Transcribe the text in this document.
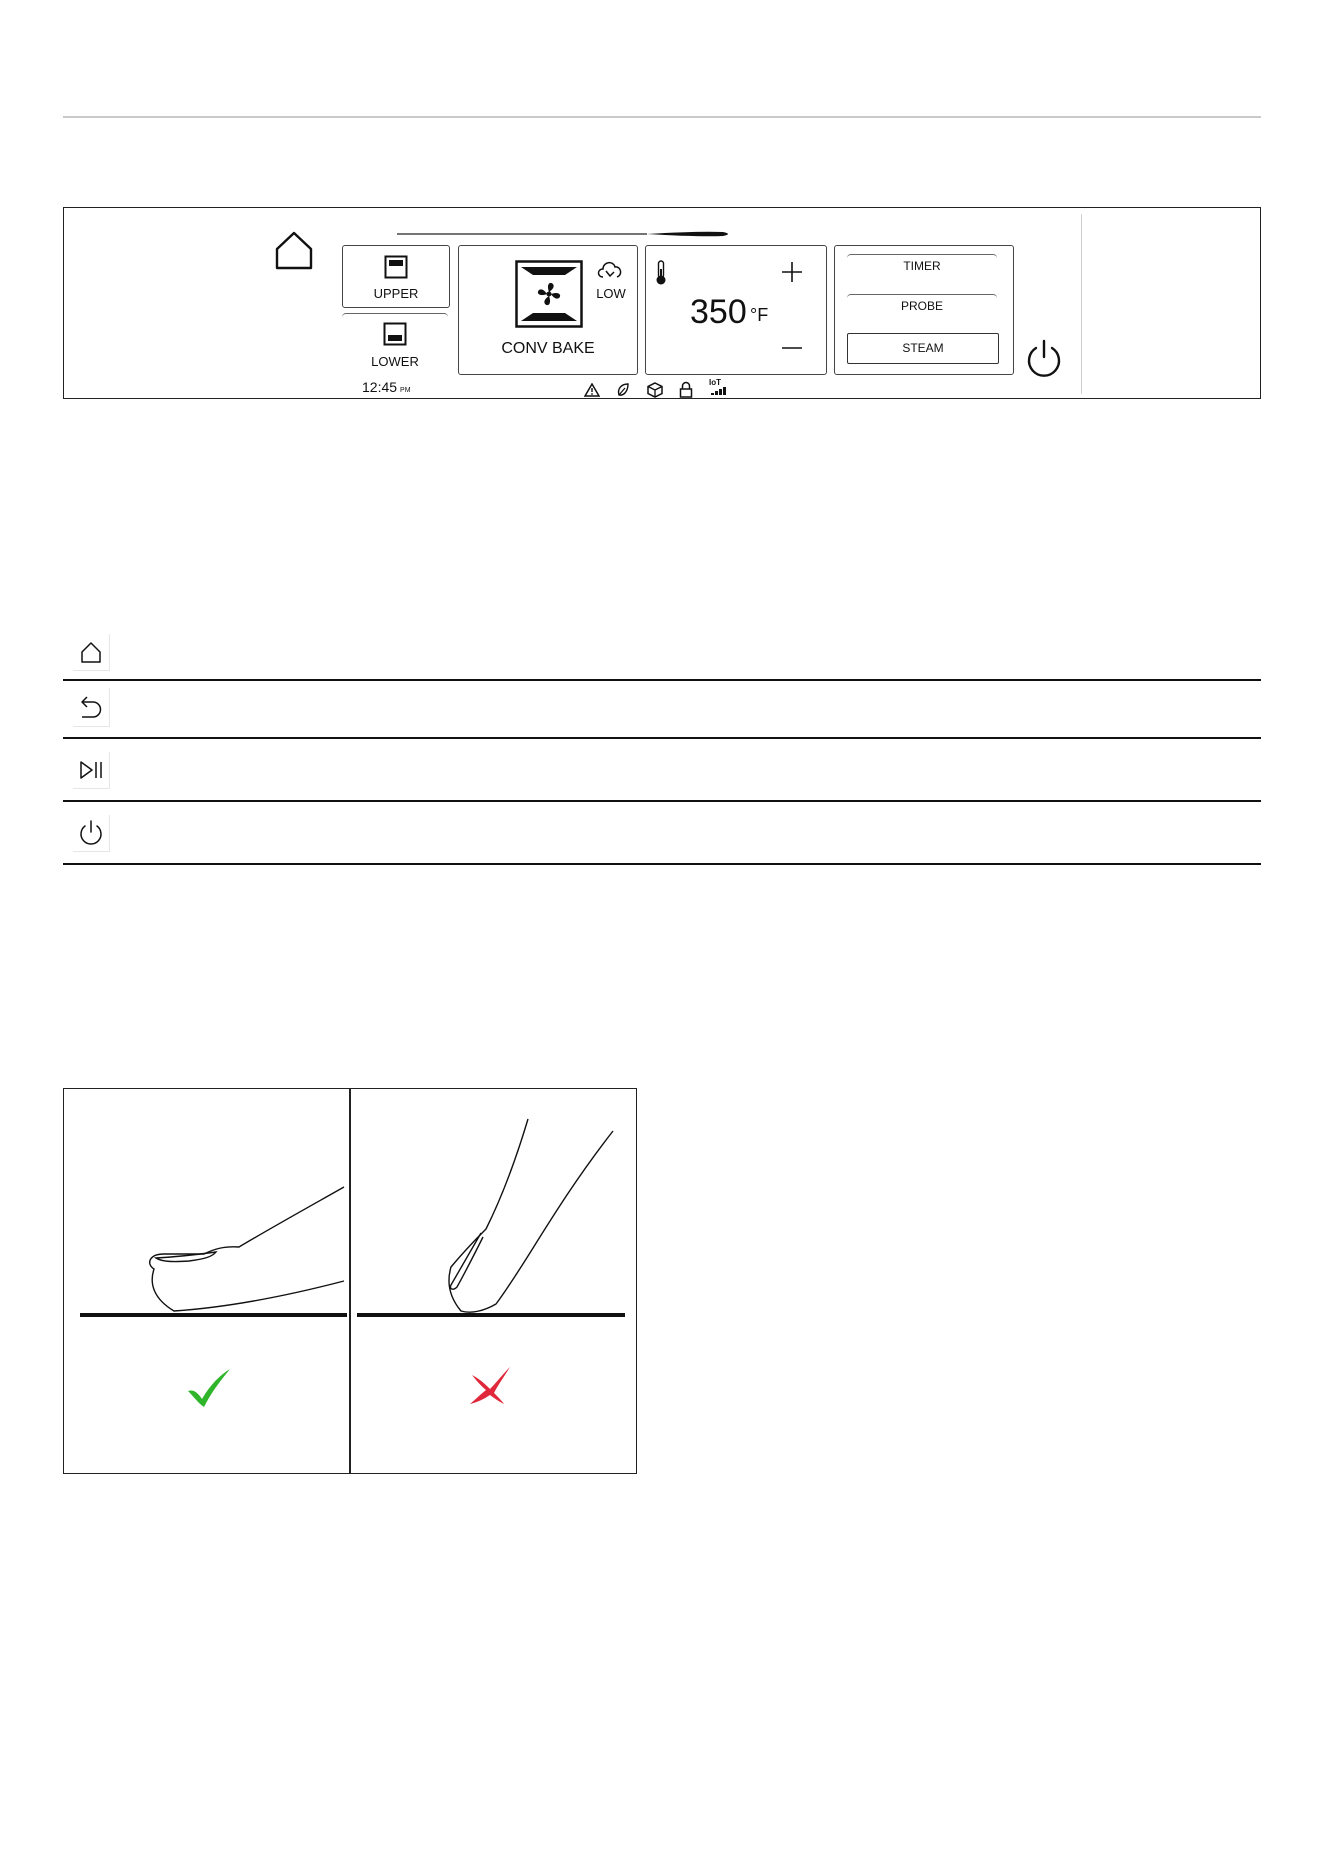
UPPER
LOWER
LOW
CONV BAKE
350 °F
TIMER
PROBE
STEAM
12:45 PM
IoT
